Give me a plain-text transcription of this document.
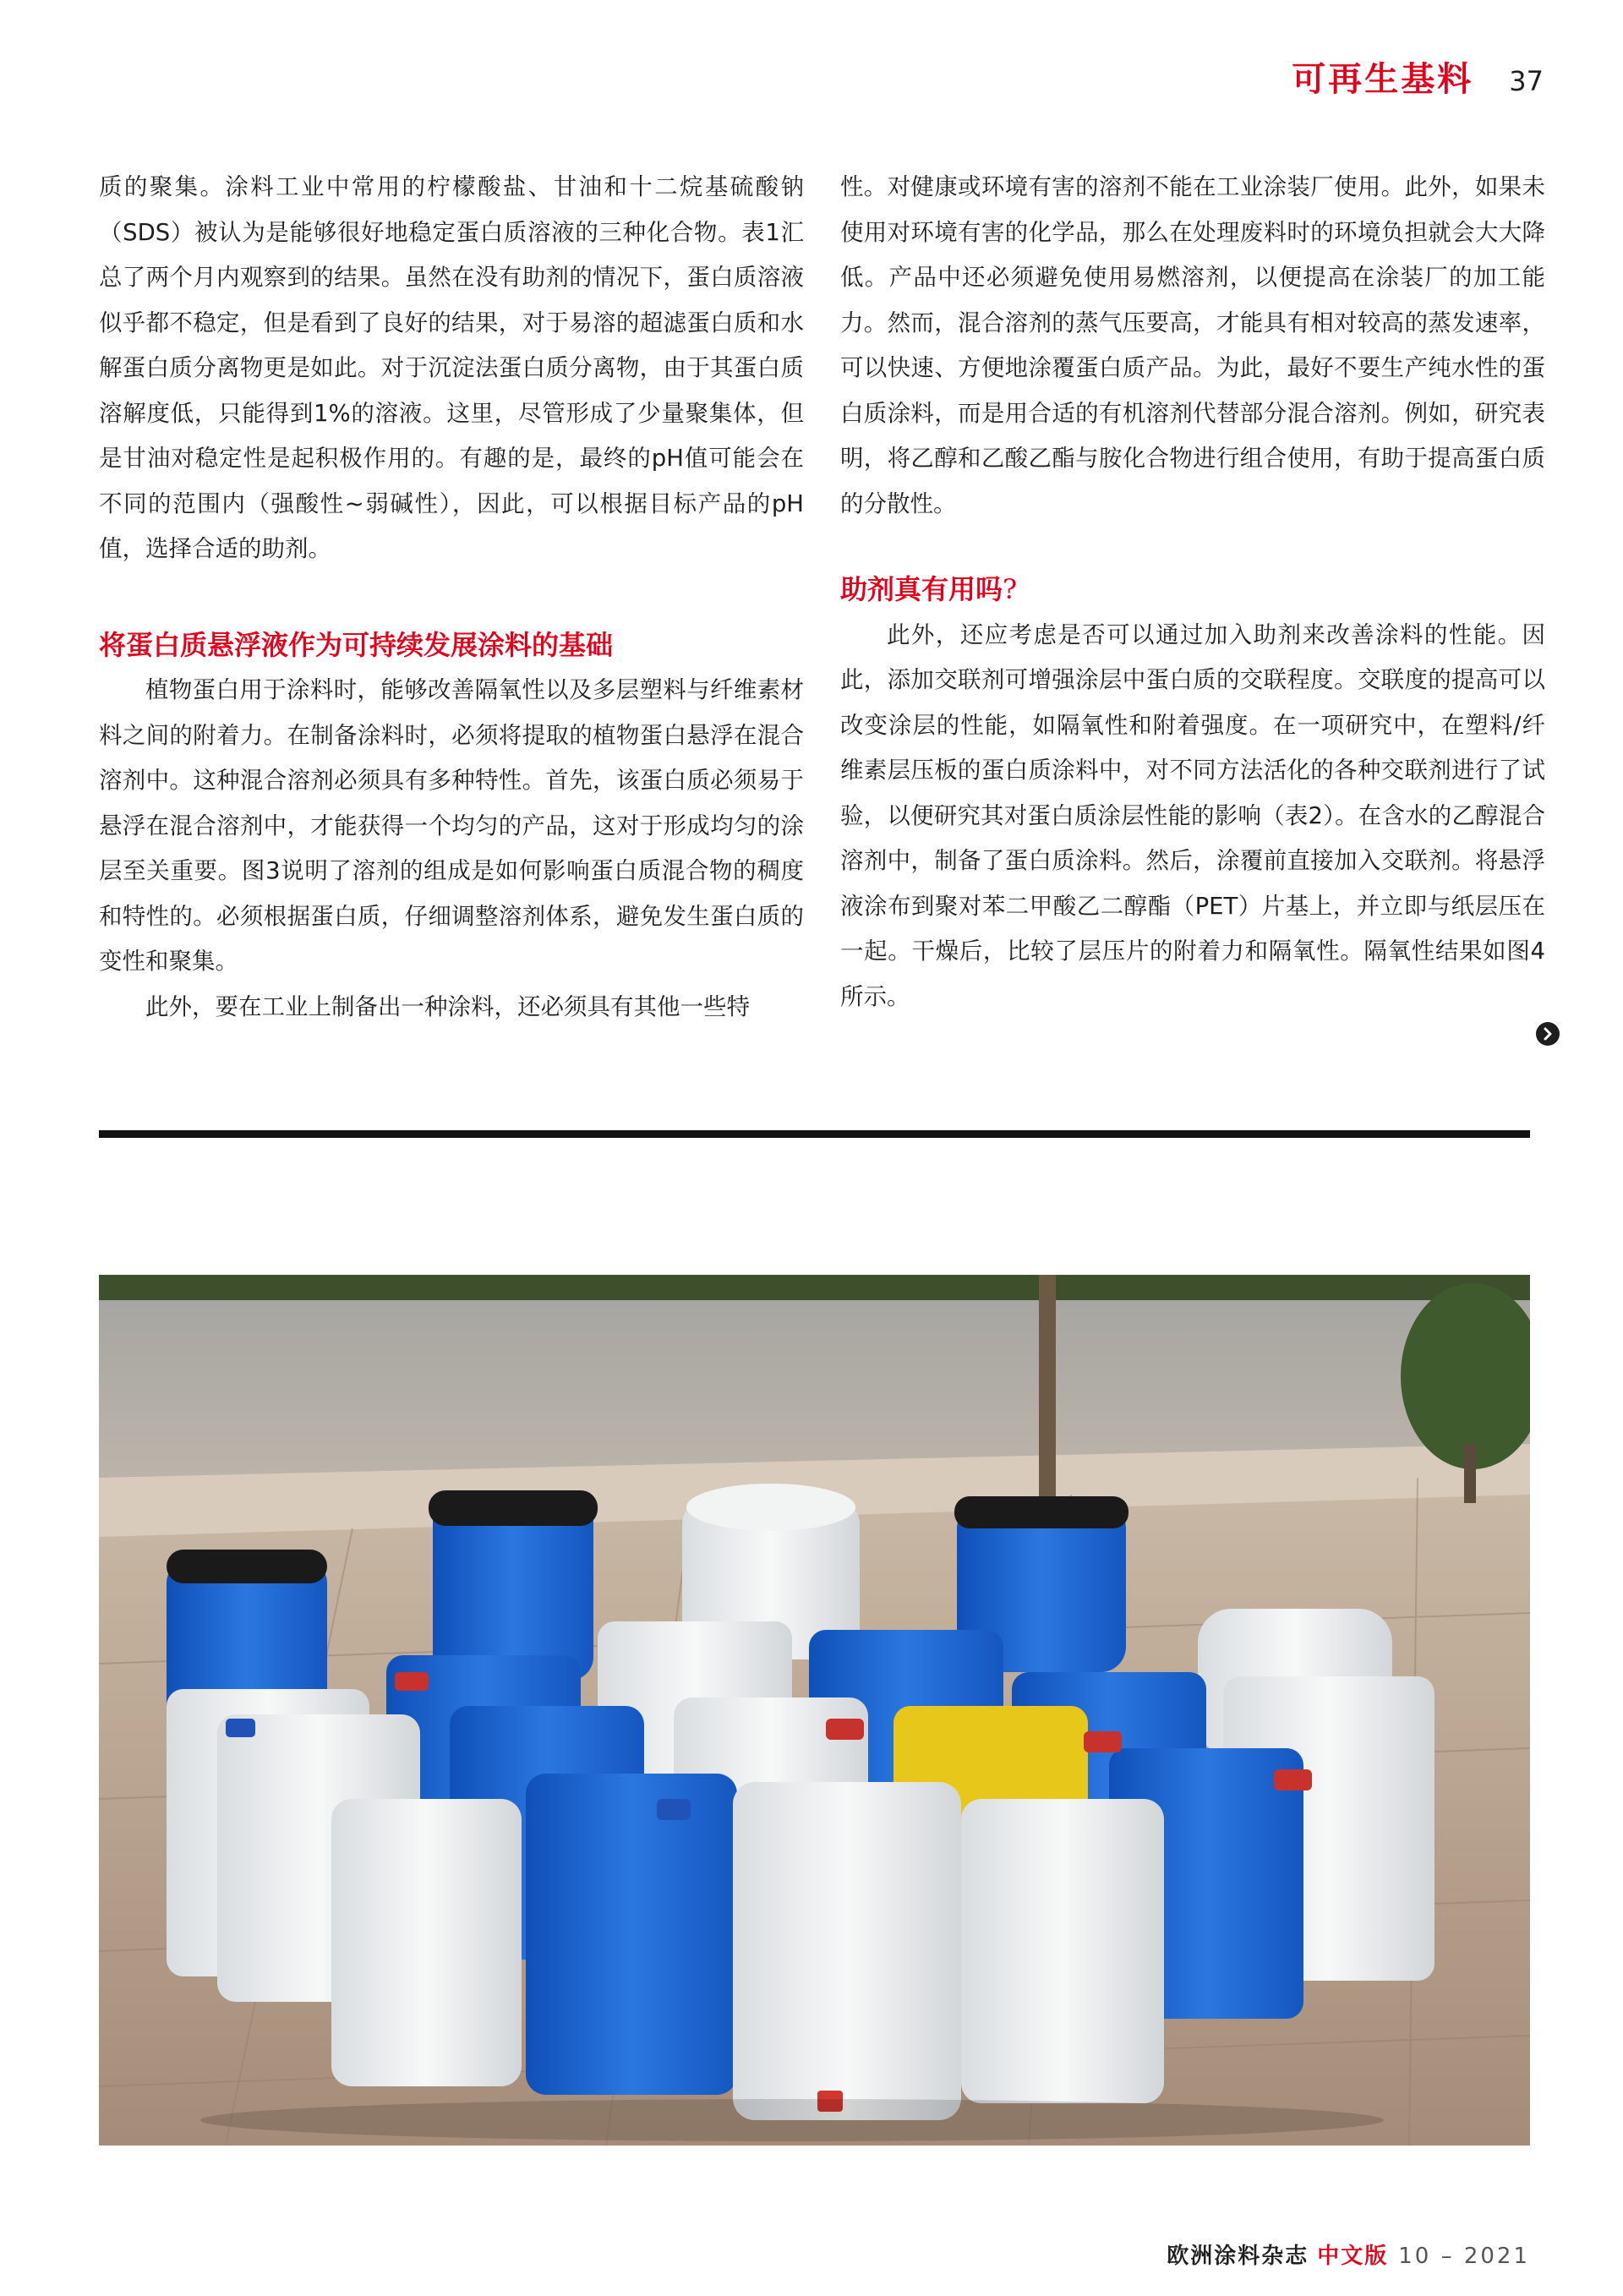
可再生基料 37

质的聚集。涂料工业中常用的柠檬酸盐、甘油和十二烷基硫酸钠（SDS）被认为是能够很好地稳定蛋白质溶液的三种化合物。表1汇总了两个月内观察到的结果。虽然在没有助剂的情况下，蛋白质溶液似乎都不稳定，但是看到了良好的结果，对于易溶的超滤蛋白质和水解蛋白质分离物更是如此。对于沉淀法蛋白质分离物，由于其蛋白质溶解度低，只能得到1%的溶液。这里，尽管形成了少量聚集体，但是甘油对稳定性是起积极作用的。有趣的是，最终的pH值可能会在不同的范围内（强酸性~弱碱性），因此，可以根据目标产品的pH值，选择合适的助剂。

将蛋白质悬浮液作为可持续发展涂料的基础

植物蛋白用于涂料时，能够改善隔氧性以及多层塑料与纤维素材料之间的附着力。在制备涂料时，必须将提取的植物蛋白悬浮在混合溶剂中。这种混合溶剂必须具有多种特性。首先，该蛋白质必须易于悬浮在混合溶剂中，才能获得一个均匀的产品，这对于形成均匀的涂层至关重要。图3说明了溶剂的组成是如何影响蛋白质混合物的稠度和特性的。必须根据蛋白质，仔细调整溶剂体系，避免发生蛋白质的变性和聚集。

此外，要在工业上制备出一种涂料，还必须具有其他一些特

性。对健康或环境有害的溶剂不能在工业涂装厂使用。此外，如果未使用对环境有害的化学品，那么在处理废料时的环境负担就会大大降低。产品中还必须避免使用易燃溶剂，以便提高在涂装厂的加工能力。然而，混合溶剂的蒸气压要高，才能具有相对较高的蒸发速率，可以快速、方便地涂覆蛋白质产品。为此，最好不要生产纯水性的蛋白质涂料，而是用合适的有机溶剂代替部分混合溶剂。例如，研究表明，将乙醇和乙酸乙酯与胺化合物进行组合使用，有助于提高蛋白质的分散性。

助剂真有用吗?

此外，还应考虑是否可以通过加入助剂来改善涂料的性能。因此，添加交联剂可增强涂层中蛋白质的交联程度。交联度的提高可以改变涂层的性能，如隔氧性和附着强度。在一项研究中，在塑料/纤维素层压板的蛋白质涂料中，对不同方法活化的各种交联剂进行了试验，以便研究其对蛋白质涂层性能的影响（表2）。在含水的乙醇混合溶剂中，制备了蛋白质涂料。然后，涂覆前直接加入交联剂。将悬浮液涂布到聚对苯二甲酸乙二醇酯（PET）片基上，并立即与纸层压在一起。干燥后，比较了层压片的附着力和隔氧性。隔氧性结果如图4所示。

欧洲涂料杂志 中文版 10 – 2021
